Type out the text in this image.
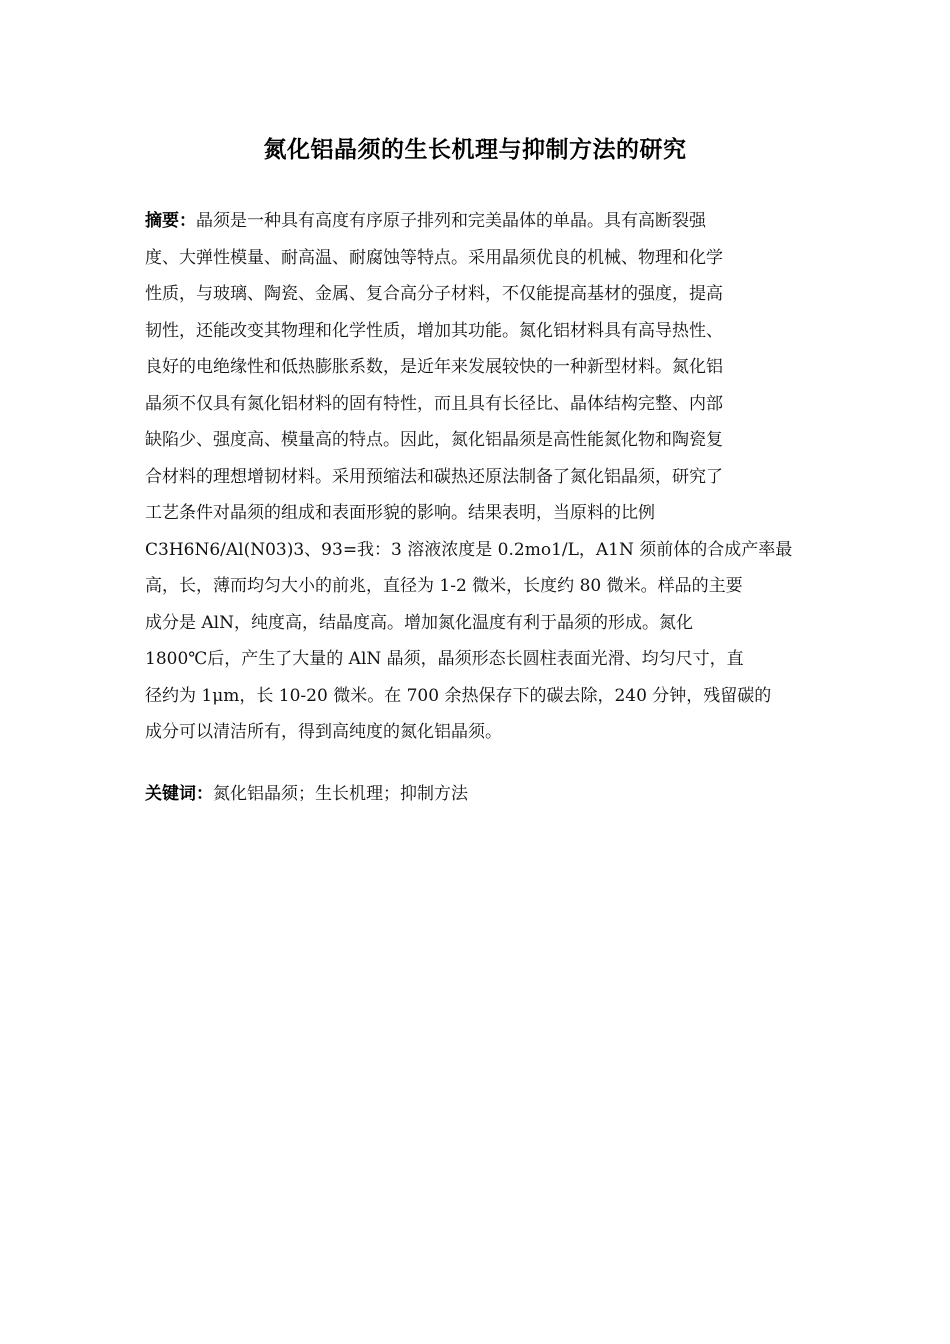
氮化铝晶须的生长机理与抑制方法的研究
摘要：晶须是一种具有高度有序原子排列和完美晶体的单晶。具有高断裂强
度、大弹性模量、耐高温、耐腐蚀等特点。采用晶须优良的机械、物理和化学
性质，与玻璃、陶瓷、金属、复合高分子材料，不仅能提高基材的强度，提高
韧性，还能改变其物理和化学性质，增加其功能。氮化铝材料具有高导热性、
良好的电绝缘性和低热膨胀系数，是近年来发展较快的一种新型材料。氮化铝
晶须不仅具有氮化铝材料的固有特性，而且具有长径比、晶体结构完整、内部
缺陷少、强度高、模量高的特点。因此，氮化铝晶须是高性能氮化物和陶瓷复
合材料的理想增韧材料。采用预缩法和碳热还原法制备了氮化铝晶须，研究了
工艺条件对晶须的组成和表面形貌的影响。结果表明，当原料的比例
C3H6N6/Al(N03)3、93=我：3 溶液浓度是 0.2mo1/L，A1N 须前体的合成产率最
高，长，薄而均匀大小的前兆，直径为 1-2 微米，长度约 80 微米。样品的主要
成分是 AlN，纯度高，结晶度高。增加氮化温度有利于晶须的形成。氮化
1800℃后，产生了大量的 AlN 晶须，晶须形态长圆柱表面光滑、均匀尺寸，直
径约为 1μm，长 10-20 微米。在 700 余热保存下的碳去除，240 分钟，残留碳的
成分可以清洁所有，得到高纯度的氮化铝晶须。
关键词：氮化铝晶须；生长机理；抑制方法
